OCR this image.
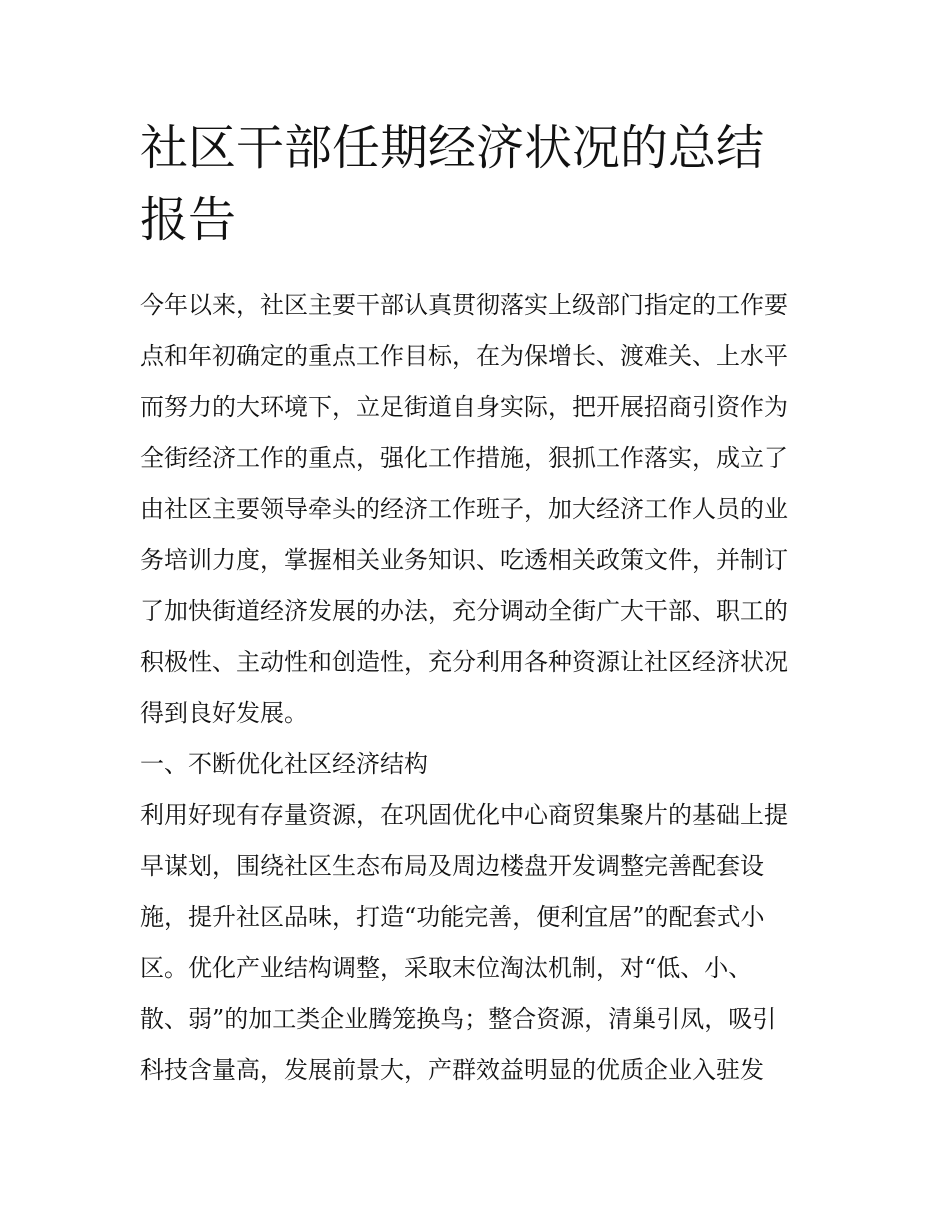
社区干部任期经济状况的总结
报告

今年以来，社区主要干部认真贯彻落实上级部门指定的工作要
点和年初确定的重点工作目标，在为保增长、渡难关、上水平
而努力的大环境下，立足街道自身实际，把开展招商引资作为
全街经济工作的重点，强化工作措施，狠抓工作落实，成立了
由社区主要领导牵头的经济工作班子，加大经济工作人员的业
务培训力度，掌握相关业务知识、吃透相关政策文件，并制订
了加快街道经济发展的办法，充分调动全街广大干部、职工的
积极性、主动性和创造性，充分利用各种资源让社区经济状况
得到良好发展。

一、不断优化社区经济结构

利用好现有存量资源，在巩固优化中心商贸集聚片的基础上提
早谋划，围绕社区生态布局及周边楼盘开发调整完善配套设
施，提升社区品味，打造“功能完善，便利宜居”的配套式小
区。优化产业结构调整，采取末位淘汰机制，对“低、小、
散、弱”的加工类企业腾笼换鸟；整合资源，清巢引凤，吸引
科技含量高，发展前景大，产群效益明显的优质企业入驻发
